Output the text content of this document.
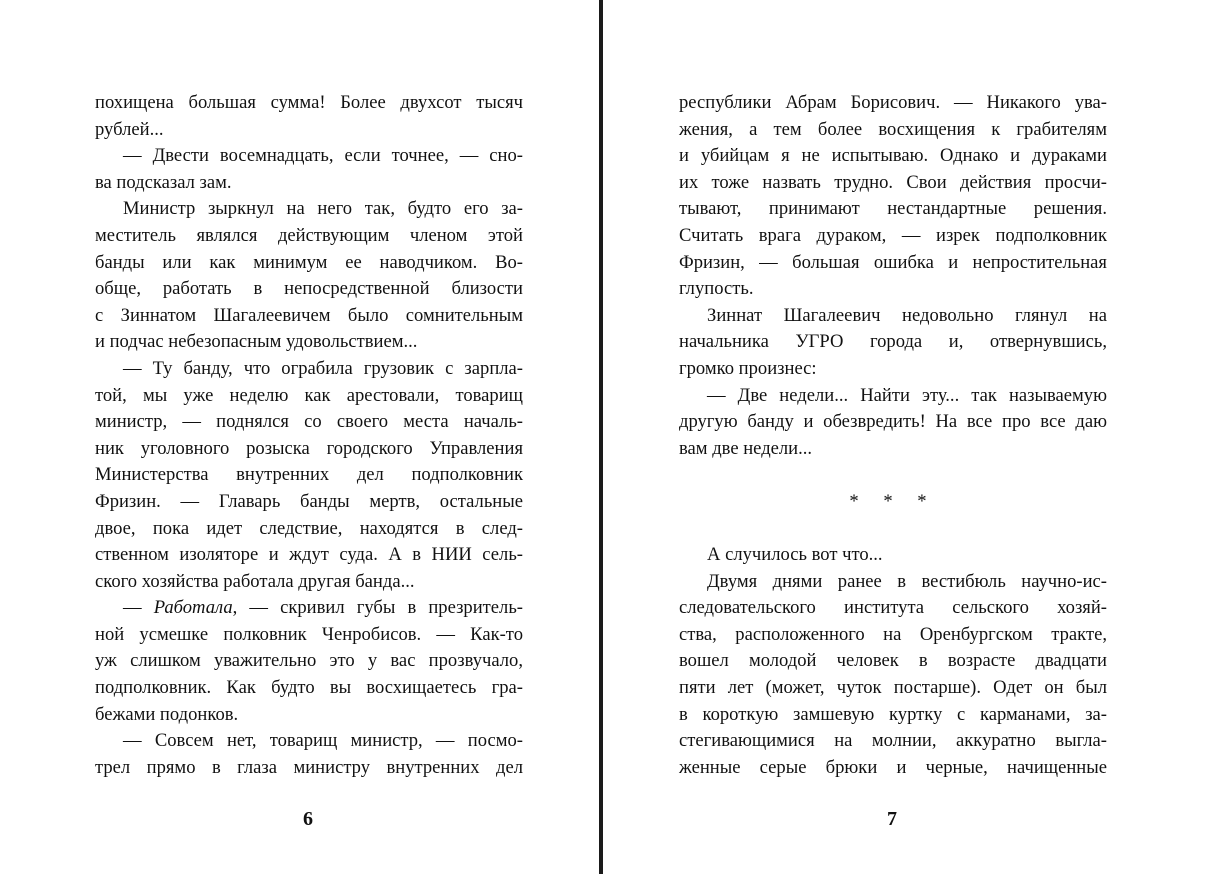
похищена большая сумма! Более двухсот тысяч
рублей...
— Двести восемнадцать, если точнее, — сно-
ва подсказал зам.
Министр зыркнул на него так, будто его за-
меститель являлся действующим членом этой
банды или как минимум ее наводчиком. Во-
обще, работать в непосредственной близости
с Зиннатом Шагалеевичем было сомнительным
и подчас небезопасным удовольствием...
— Ту банду, что ограбила грузовик с зарпла-
той, мы уже неделю как арестовали, товарищ
министр, — поднялся со своего места началь-
ник уголовного розыска городского Управления
Министерства внутренних дел подполковник
Фризин. — Главарь банды мертв, остальные
двое, пока идет следствие, находятся в след-
ственном изоляторе и ждут суда. А в НИИ сель-
ского хозяйства работала другая банда...
— Работала, — скривил губы в презритель-
ной усмешке полковник Ченробисов. — Как-то
уж слишком уважительно это у вас прозвучало,
подполковник. Как будто вы восхищаетесь гра-
бежами подонков.
— Совсем нет, товарищ министр, — посмо-
трел прямо в глаза министру внутренних дел
республики Абрам Борисович. — Никакого ува-
жения, а тем более восхищения к грабителям
и убийцам я не испытываю. Однако и дураками
их тоже назвать трудно. Свои действия просчи-
тывают, принимают нестандартные решения.
Считать врага дураком, — изрек подполковник
Фризин, — большая ошибка и непростительная
глупость.
Зиннат Шагалеевич недовольно глянул на
начальника УГРО города и, отвернувшись,
громко произнес:
— Две недели... Найти эту... так называемую
другую банду и обезвредить! На все про все даю
вам две недели...
* * *
А случилось вот что...
Двумя днями ранее в вестибюль научно-ис-
следовательского института сельского хозяй-
ства, расположенного на Оренбургском тракте,
вошел молодой человек в возрасте двадцати
пяти лет (может, чуток постарше). Одет он был
в короткую замшевую куртку с карманами, за-
стегивающимися на молнии, аккуратно выгла-
женные серые брюки и черные, начищенные
6	7
